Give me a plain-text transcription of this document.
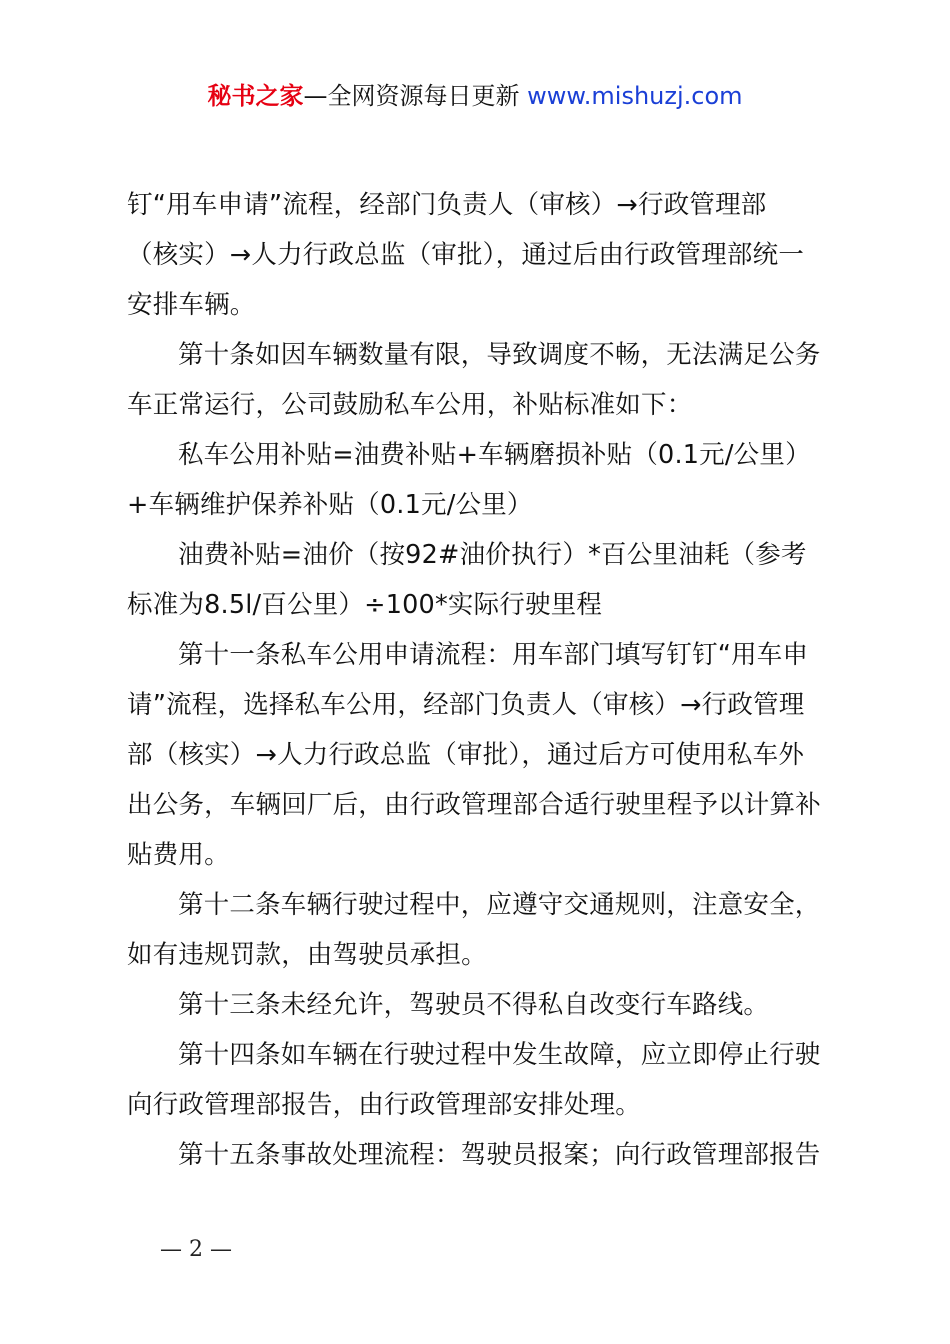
秘书之家—全网资源每日更新 www.mishuzj.com
钉“用车申请”流程，经部门负责人（审核）→行政管理部
（核实）→人力行政总监（审批），通过后由行政管理部统一
安排车辆。
第十条如因车辆数量有限，导致调度不畅，无法满足公务
车正常运行，公司鼓励私车公用，补贴标准如下：
私车公用补贴=油费补贴+车辆磨损补贴（0.1元/公里）
+车辆维护保养补贴（0.1元/公里）
油费补贴=油价（按92#油价执行）*百公里油耗（参考
标准为8.5l/百公里）÷100*实际行驶里程
第十一条私车公用申请流程：用车部门填写钉钉“用车申
请”流程，选择私车公用，经部门负责人（审核）→行政管理
部（核实）→人力行政总监（审批），通过后方可使用私车外
出公务，车辆回厂后，由行政管理部合适行驶里程予以计算补
贴费用。
第十二条车辆行驶过程中，应遵守交通规则，注意安全，
如有违规罚款，由驾驶员承担。
第十三条未经允许，驾驶员不得私自改变行车路线。
第十四条如车辆在行驶过程中发生故障，应立即停止行驶
向行政管理部报告，由行政管理部安排处理。
第十五条事故处理流程：驾驶员报案；向行政管理部报告
— 2 —
